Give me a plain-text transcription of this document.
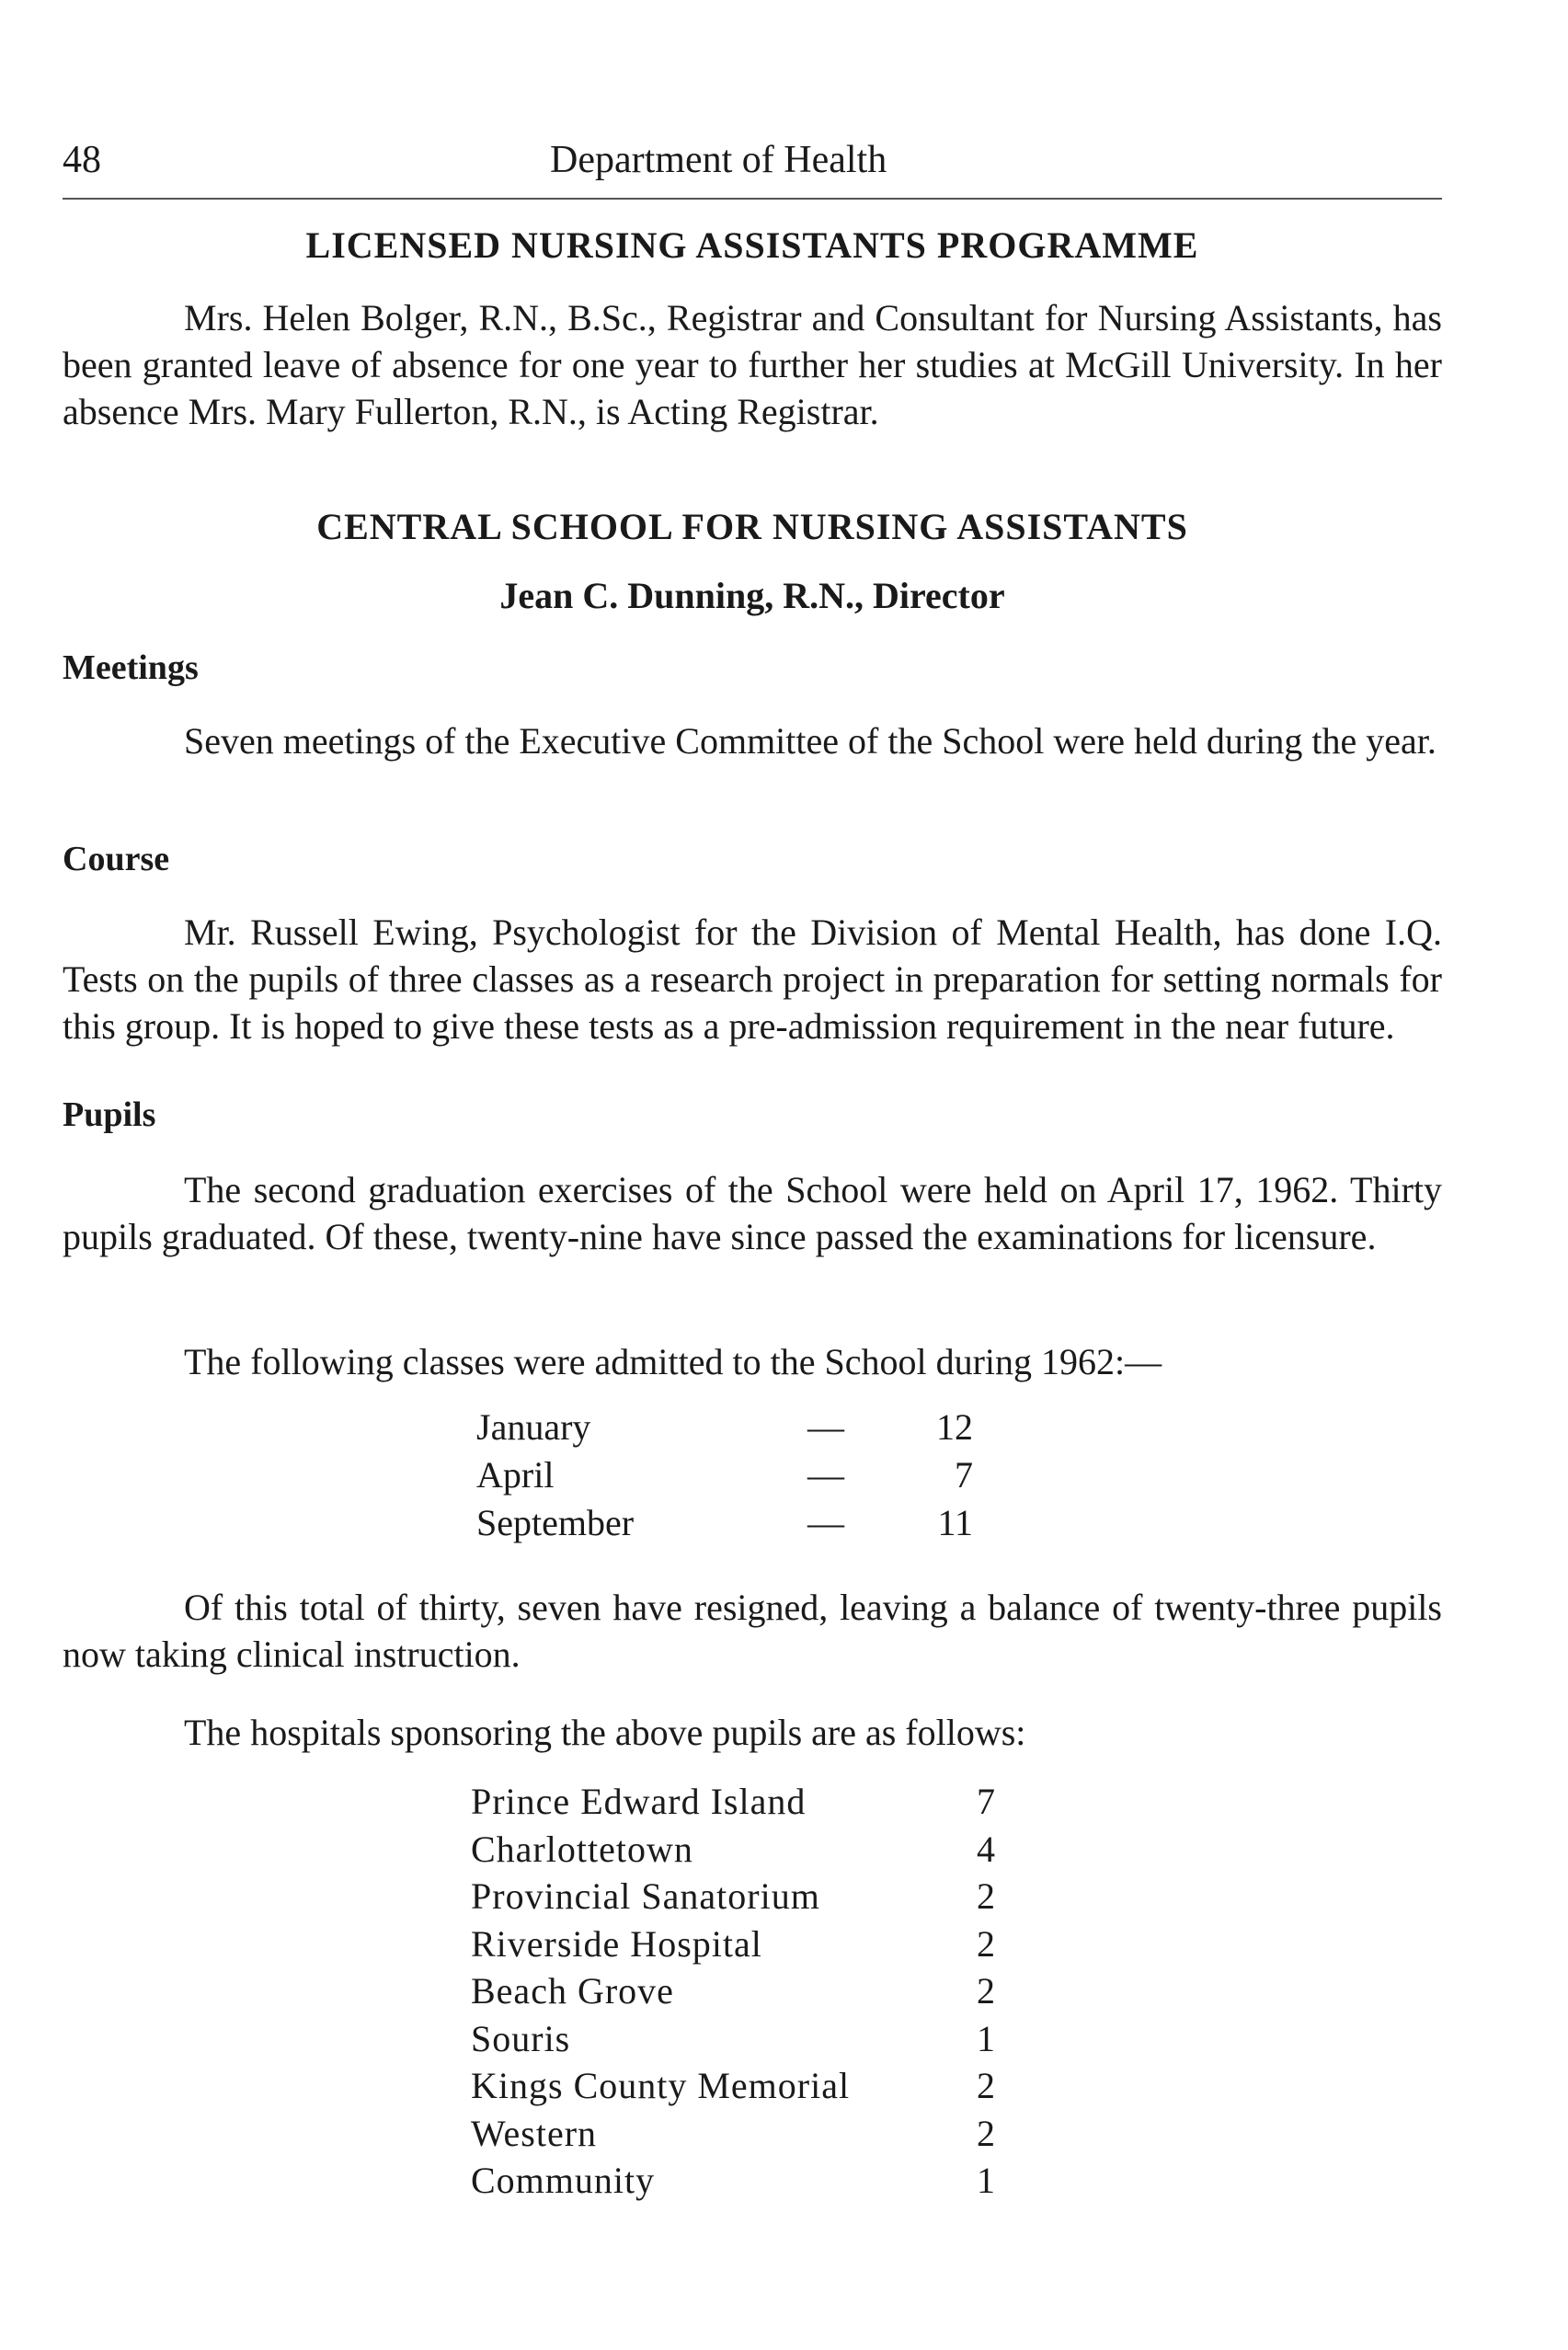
48	Department of Health
LICENSED NURSING ASSISTANTS PROGRAMME
Mrs. Helen Bolger, R.N., B.Sc., Registrar and Consultant for Nursing Assistants, has been granted leave of absence for one year to further her studies at McGill University. In her absence Mrs. Mary Fullerton, R.N., is Acting Registrar.
CENTRAL SCHOOL FOR NURSING ASSISTANTS
Jean C. Dunning, R.N., Director
Meetings
Seven meetings of the Executive Committee of the School were held during the year.
Course
Mr. Russell Ewing, Psychologist for the Division of Mental Health, has done I.Q. Tests on the pupils of three classes as a research project in preparation for setting normals for this group. It is hoped to give these tests as a pre-admission requirement in the near future.
Pupils
The second graduation exercises of the School were held on April 17, 1962. Thirty pupils graduated. Of these, twenty-nine have since passed the examinations for licensure.
The following classes were admitted to the School during 1962:—
January	—	12
April	—	7
September	—	11
Of this total of thirty, seven have resigned, leaving a balance of twenty-three pupils now taking clinical instruction.
The hospitals sponsoring the above pupils are as follows:
Prince Edward Island	7
Charlottetown	4
Provincial Sanatorium	2
Riverside Hospital	2
Beach Grove	2
Souris	1
Kings County Memorial	2
Western	2
Community	1
